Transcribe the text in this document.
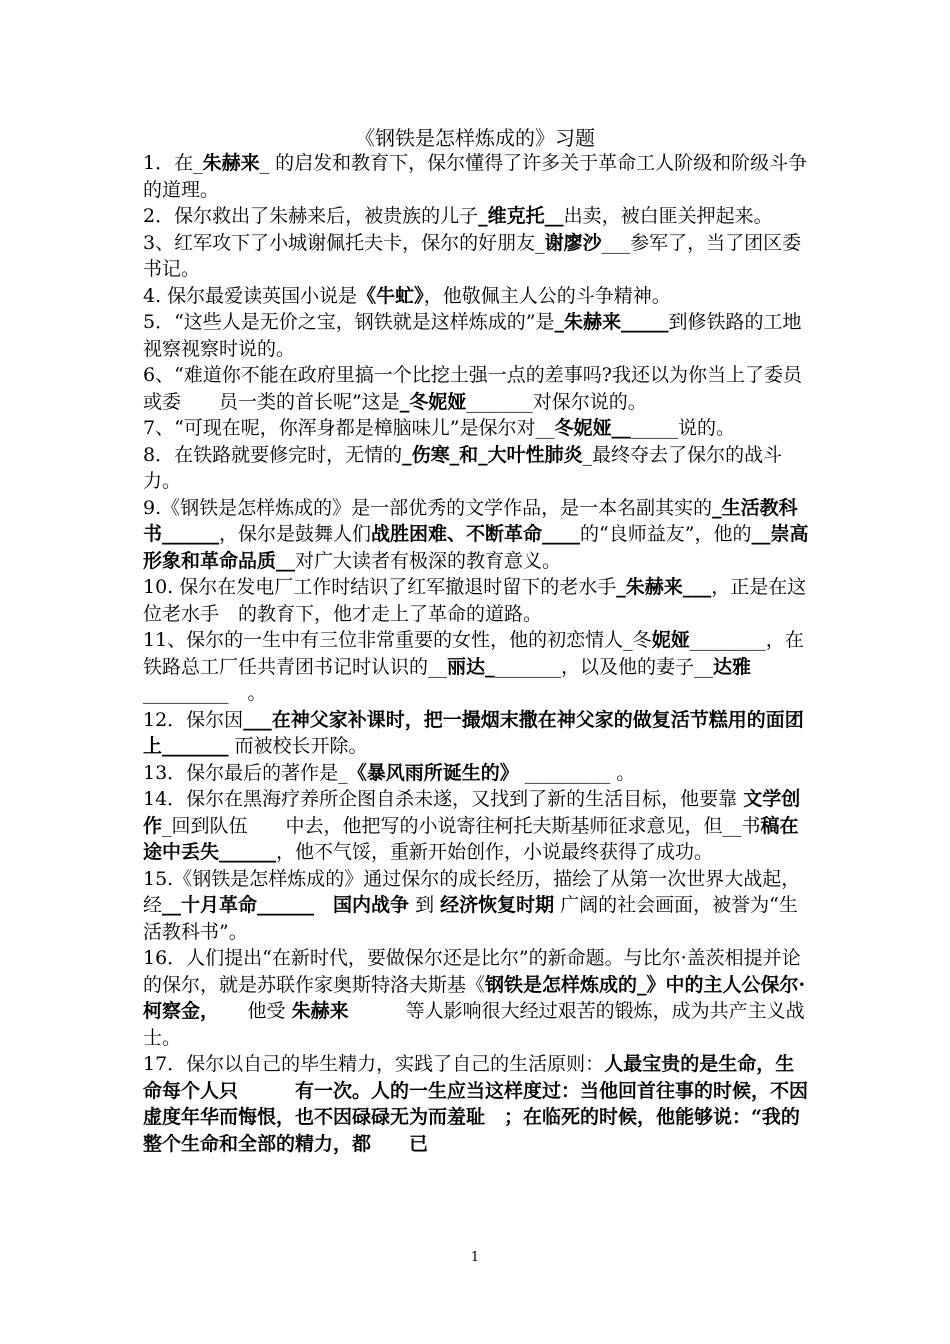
《钢铁是怎样炼成的》习题

1．在_朱赫来_ 的启发和教育下，保尔懂得了许多关于革命工人阶级和阶级斗争的道理。

2．保尔救出了朱赫来后，被贵族的儿子_维克托__出卖，被白匪关押起来。

3、红军攻下了小城谢佩托夫卡，保尔的好朋友_谢廖沙___参军了，当了团区委书记。

4. 保尔最爱读英国小说是《牛虻》，他敬佩主人公的斗争精神。

5．“这些人是无价之宝，钢铁就是这样炼成的”是_朱赫来_____到修铁路的工地视察视察时说的。

6、“难道你不能在政府里搞一个比挖土强一点的差事吗?我还以为你当上了委员或委　　员一类的首长呢”这是_冬妮娅_______对保尔说的。

7、“可现在呢，你浑身都是樟脑味儿”是保尔对__冬妮娅_______说的。

8．在铁路就要修完时，无情的_伤寒_和_大叶性肺炎_最终夺去了保尔的战斗力。

9.《钢铁是怎样炼成的》是一部优秀的文学作品，是一本名副其实的_生活教科书______，保尔是鼓舞人们战胜困难、不断革命____的“良师益友”，他的__崇高形象和革命品质__对广大读者有极深的教育意义。

10. 保尔在发电厂工作时结识了红军撤退时留下的老水手_朱赫来___，正是在这位老水手　的教育下，他才走上了革命的道路。

11、保尔的一生中有三位非常重要的女性，他的初恋情人_冬妮娅________，在铁路总工厂任共青团书记时认识的__丽达________，以及他的妻子__达雅_________　。

12．保尔因___在神父家补课时，把一撮烟末撒在神父家的做复活节糕用的面团上_______ 而被校长开除。

13．保尔最后的著作是_《暴风雨所诞生的》 _________ 。

14．保尔在黑海疗养所企图自杀未遂，又找到了新的生活目标，他要靠 文学创作_回到队伍　　中去，他把写的小说寄往柯托夫斯基师征求意见，但__书稿在途中丢失______，他不气馁，重新开始创作，小说最终获得了成功。

15.《钢铁是怎样炼成的》通过保尔的成长经历，描绘了从第一次世界大战起，经__十月革命______　国内战争 到 经济恢复时期 广阔的社会画面，被誉为“生活教科书”。

16．人们提出“在新时代，要做保尔还是比尔”的新命题。与比尔·盖茨相提并论的保尔，就是苏联作家奥斯特洛夫斯基《钢铁是怎样炼成的_》中的主人公保尔·柯察金，　　他受 朱赫来　　　等人影响很大经过艰苦的锻炼，成为共产主义战士。

17．保尔以自己的毕生精力，实践了自己的生活原则：人最宝贵的是生命，生命每个人只　　　有一次。人的一生应当这样度过：当他回首往事的时候，不因虚度年华而悔恨，也不因碌碌无为而羞耻　；在临死的时候，他能够说：“我的整个生命和全部的精力，都　　已

1
